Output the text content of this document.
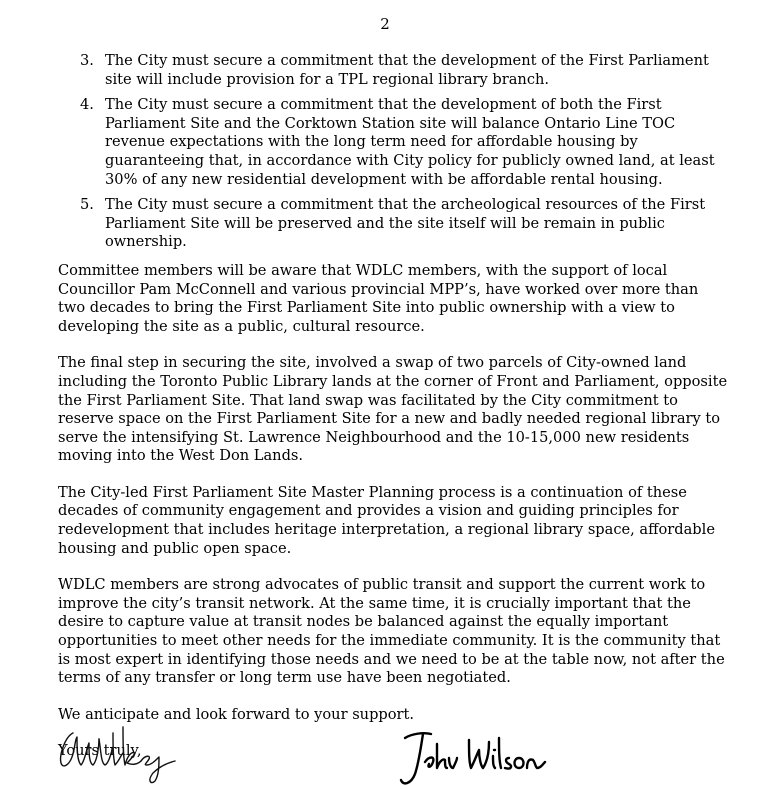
2
3. The City must secure a commitment that the development of the First Parliament site will include provision for a TPL regional library branch.
4. The City must secure a commitment that the development of both the First Parliament Site and the Corktown Station site will balance Ontario Line TOC revenue expectations with the long term need for affordable housing by guaranteeing that, in accordance with City policy for publicly owned land, at least 30% of any new residential development with be affordable rental housing.
5. The City must secure a commitment that the archeological resources of the First Parliament Site will be preserved and the site itself will be remain in public ownership.

Committee members will be aware that WDLC members, with the support of local Councillor Pam McConnell and various provincial MPP’s, have worked over more than two decades to bring the First Parliament Site into public ownership with a view to developing the site as a public, cultural resource.

The final step in securing the site, involved a swap of two parcels of City-owned land including the Toronto Public Library lands at the corner of Front and Parliament, opposite the First Parliament Site. That land swap was facilitated by the City commitment to reserve space on the First Parliament Site for a new and badly needed regional library to serve the intensifying St. Lawrence Neighbourhood and the 10-15,000 new residents moving into the West Don Lands.

The City-led First Parliament Site Master Planning process is a continuation of these decades of community engagement and provides a vision and guiding principles for redevelopment that includes heritage interpretation, a regional library space, affordable housing and public open space.

WDLC members are strong advocates of public transit and support the current work to improve the city’s transit network. At the same time, it is crucially important that the desire to capture value at transit nodes be balanced against the equally important opportunities to meet other needs for the immediate community. It is the community that is most expert in identifying those needs and we need to be at the table now, not after the terms of any transfer or long term use have been negotiated.

We anticipate and look forward to your support.

Yours truly,
